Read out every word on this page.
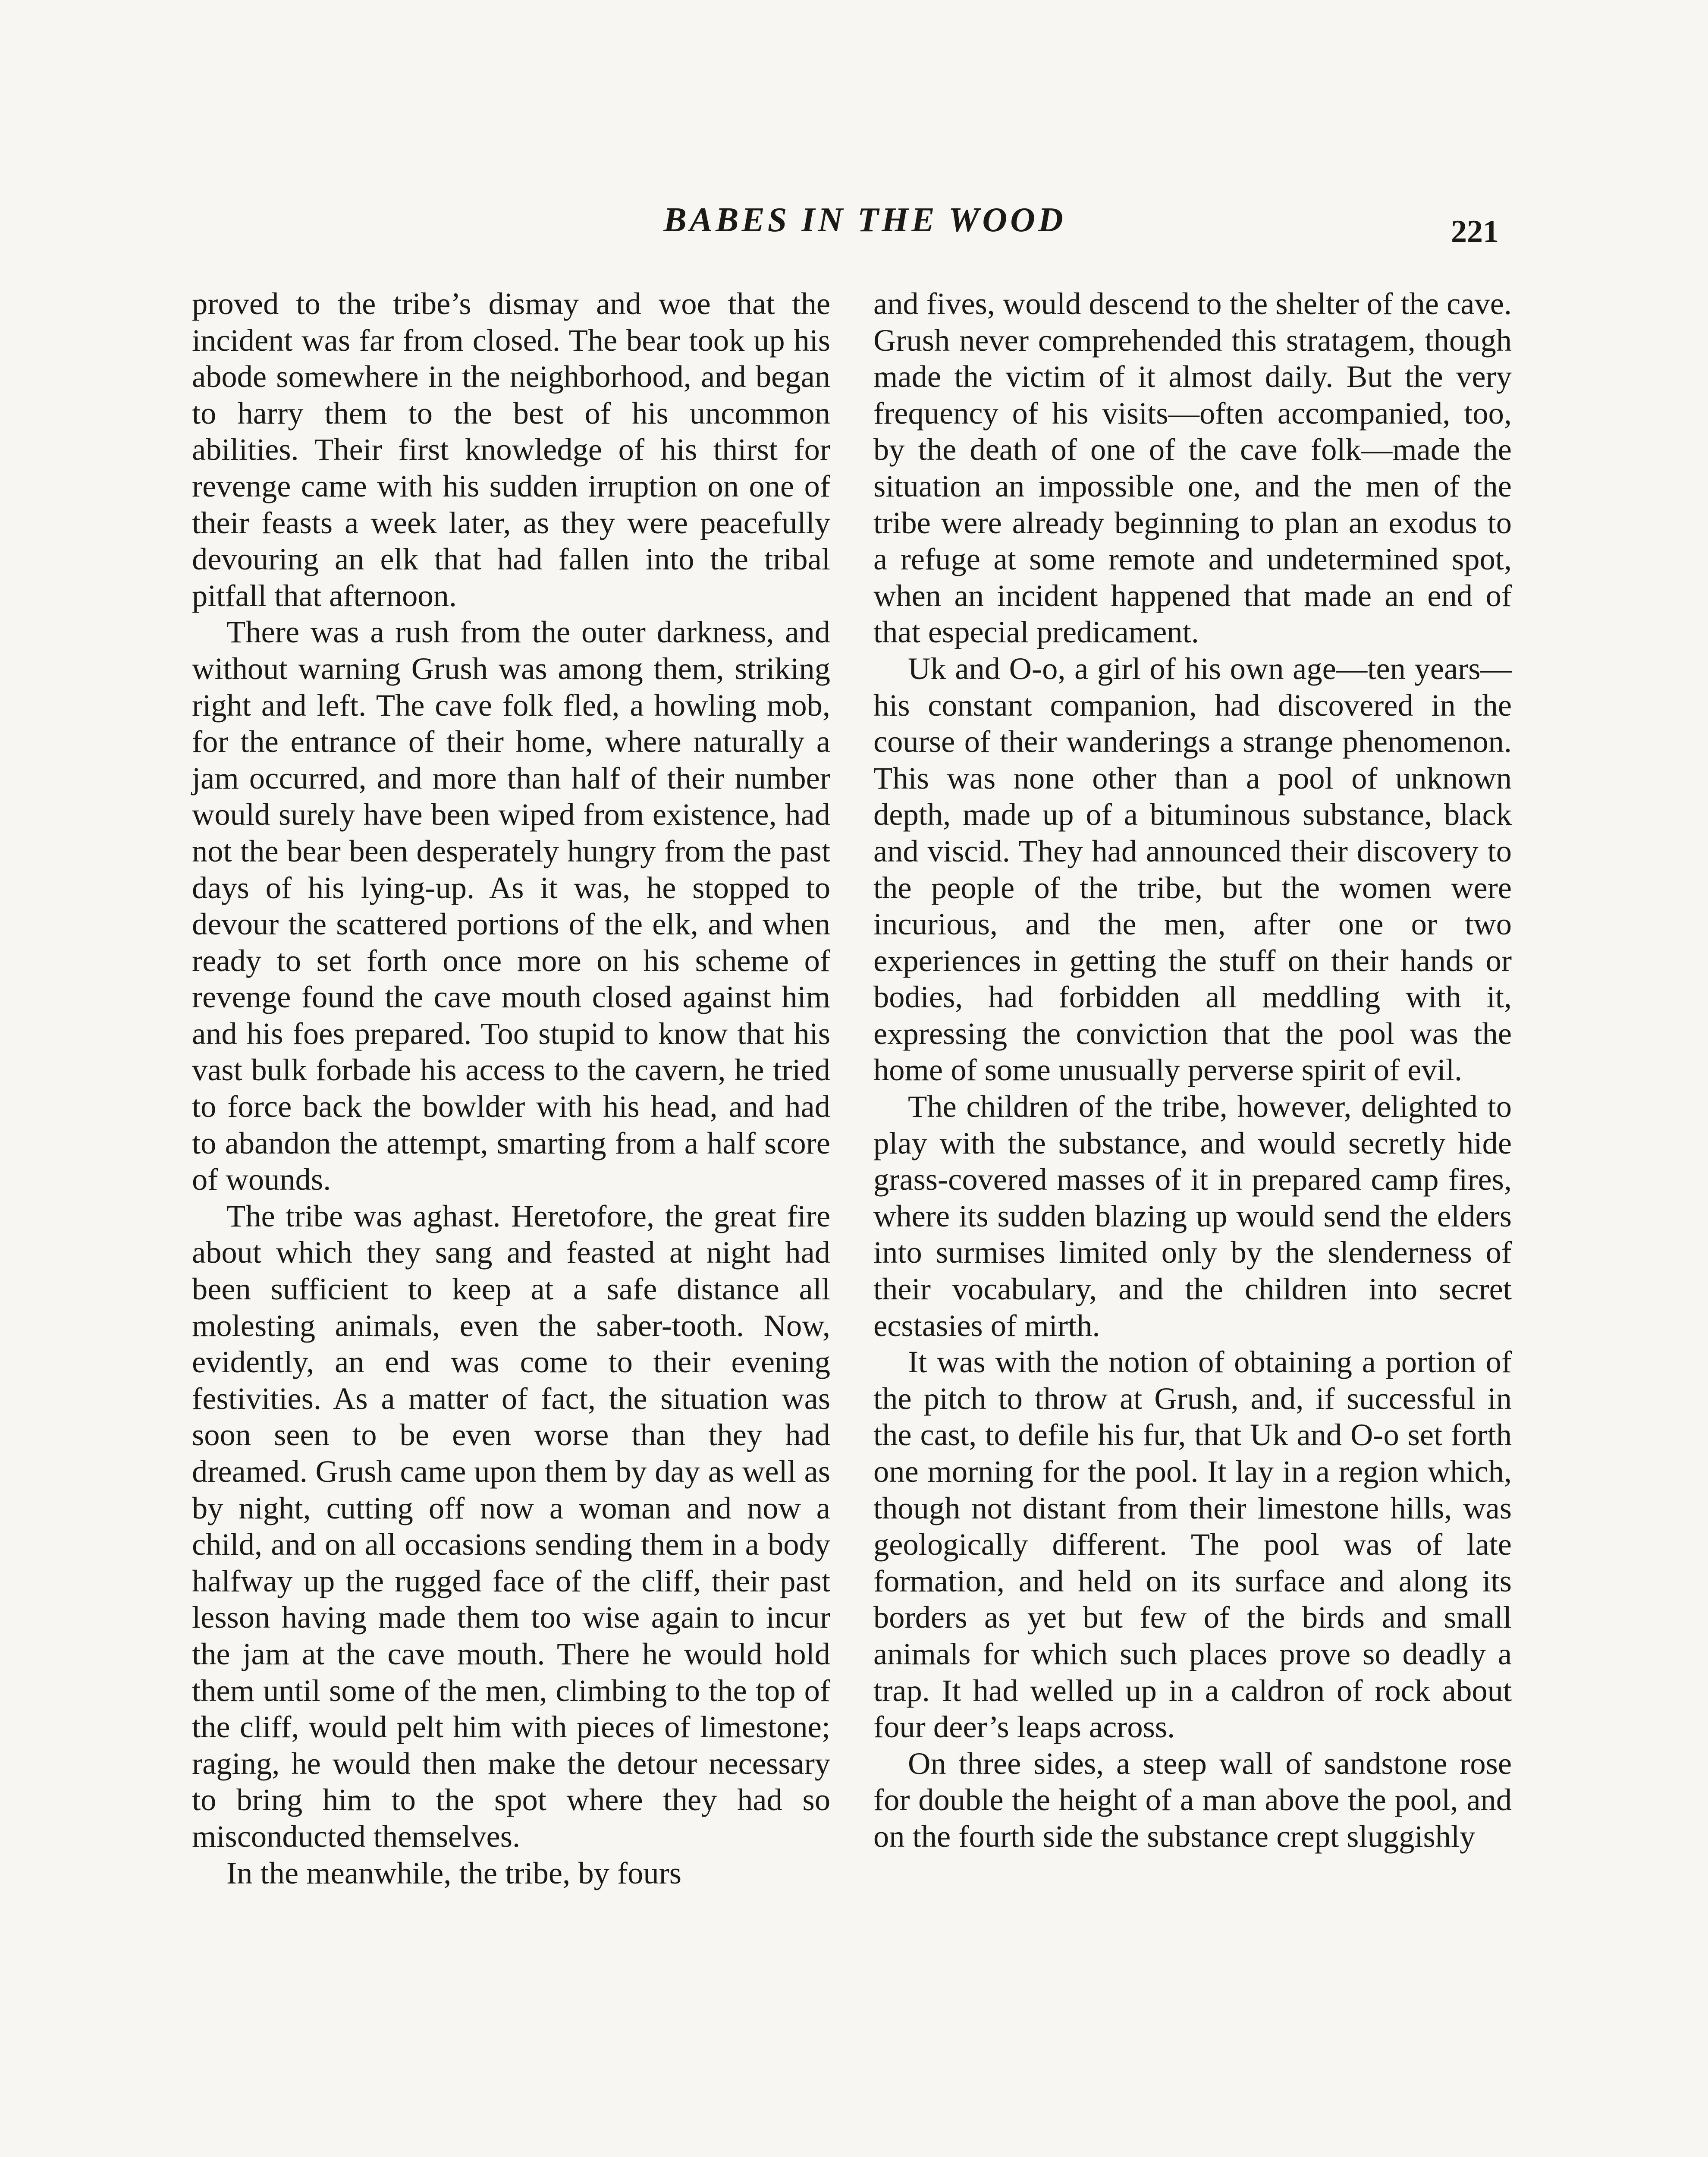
BABES IN THE WOOD	221

proved to the tribe’s dismay and woe that the incident was far from closed. The bear took up his abode somewhere in the neighborhood, and began to harry them to the best of his uncommon abilities. Their first knowledge of his thirst for revenge came with his sudden irruption on one of their feasts a week later, as they were peacefully devouring an elk that had fallen into the tribal pitfall that afternoon.

There was a rush from the outer darkness, and without warning Grush was among them, striking right and left. The cave folk fled, a howling mob, for the entrance of their home, where naturally a jam occurred, and more than half of their number would surely have been wiped from existence, had not the bear been desperately hungry from the past days of his lying-up. As it was, he stopped to devour the scattered portions of the elk, and when ready to set forth once more on his scheme of revenge found the cave mouth closed against him and his foes prepared. Too stupid to know that his vast bulk forbade his access to the cavern, he tried to force back the bowlder with his head, and had to abandon the attempt, smarting from a half score of wounds.

The tribe was aghast. Heretofore, the great fire about which they sang and feasted at night had been sufficient to keep at a safe distance all molesting animals, even the saber-tooth. Now, evidently, an end was come to their evening festivities. As a matter of fact, the situation was soon seen to be even worse than they had dreamed. Grush came upon them by day as well as by night, cutting off now a woman and now a child, and on all occasions sending them in a body halfway up the rugged face of the cliff, their past lesson having made them too wise again to incur the jam at the cave mouth. There he would hold them until some of the men, climbing to the top of the cliff, would pelt him with pieces of limestone; raging, he would then make the detour necessary to bring him to the spot where they had so misconducted themselves.

In the meanwhile, the tribe, by fours

and fives, would descend to the shelter of the cave. Grush never comprehended this stratagem, though made the victim of it almost daily. But the very frequency of his visits—often accompanied, too, by the death of one of the cave folk—made the situation an impossible one, and the men of the tribe were already beginning to plan an exodus to a refuge at some remote and undetermined spot, when an incident happened that made an end of that especial predicament.

Uk and O-o, a girl of his own age—ten years—his constant companion, had discovered in the course of their wanderings a strange phenomenon. This was none other than a pool of unknown depth, made up of a bituminous substance, black and viscid. They had announced their discovery to the people of the tribe, but the women were incurious, and the men, after one or two experiences in getting the stuff on their hands or bodies, had forbidden all meddling with it, expressing the conviction that the pool was the home of some unusually perverse spirit of evil.

The children of the tribe, however, delighted to play with the substance, and would secretly hide grass-covered masses of it in prepared camp fires, where its sudden blazing up would send the elders into surmises limited only by the slenderness of their vocabulary, and the children into secret ecstasies of mirth.

It was with the notion of obtaining a portion of the pitch to throw at Grush, and, if successful in the cast, to defile his fur, that Uk and O-o set forth one morning for the pool. It lay in a region which, though not distant from their limestone hills, was geologically different. The pool was of late formation, and held on its surface and along its borders as yet but few of the birds and small animals for which such places prove so deadly a trap. It had welled up in a caldron of rock about four deer’s leaps across.

On three sides, a steep wall of sandstone rose for double the height of a man above the pool, and on the fourth side the substance crept sluggishly
